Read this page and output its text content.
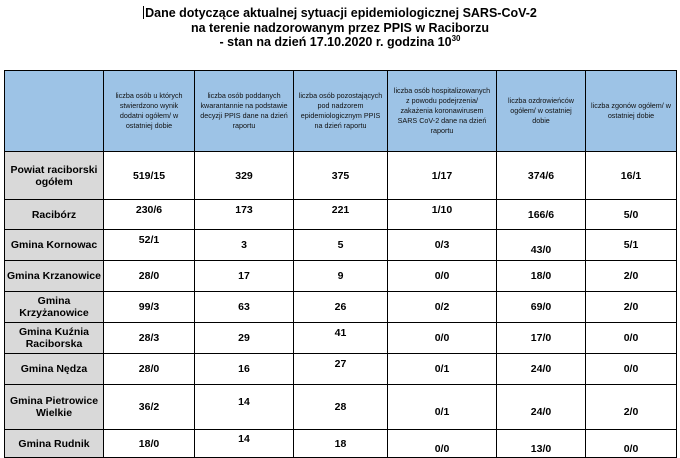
Dane dotyczące aktualnej sytuacji epidemiologicznej SARS-CoV-2
na terenie nadzorowanym przez PPIS w Raciborzu
- stan na dzień 17.10.2020 r. godzina $10^{30}$

	liczba osób u których stwierdzono wynik dodatni ogółem/ w ostatniej dobie	liczba osób poddanych kwarantannie na podstawie decyzji PPIS dane na dzień raportu	liczba osób pozostających pod nadzorem epidemiologicznym PPIS na dzień raportu	liczba osób hospitalizowanych z powodu podejrzenia/ zakażenia koronawirusem SARS CoV-2 dane na dzień raportu	liczba ozdrowieńców ogółem/ w ostatniej dobie	liczba zgonów ogółem/ w ostatniej dobie

Powiat raciborski ogółem	519/15	329	375	1/17	374/6	16/1
Racibórz	230/6	173	221	1/10	166/6	5/0
Gmina Kornowac	52/1	3	5	0/3	43/0	5/1
Gmina Krzanowice	28/0	17	9	0/0	18/0	2/0
Gmina Krzyżanowice	99/3	63	26	0/2	69/0	2/0
Gmina Kuźnia Raciborska	28/3	29	41	0/0	17/0	0/0
Gmina Nędza	28/0	16	27	0/1	24/0	0/0
Gmina Pietrowice Wielkie	36/2	14	28	0/1	24/0	2/0
Gmina Rudnik	18/0	14	18	0/0	13/0	0/0
